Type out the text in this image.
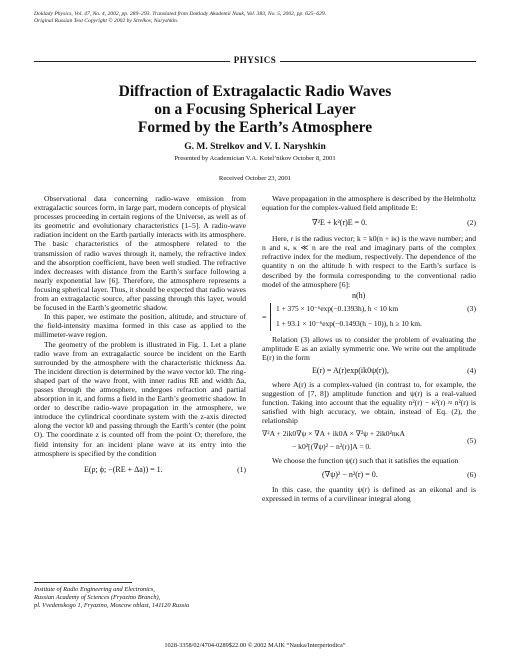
Doklady Physics, Vol. 47, No. 4, 2002, pp. 289–293. Translated from Doklady Akademii Nauk, Vol. 383, No. 5, 2002, pp. 625–629.
Original Russian Text Copyright © 2002 by Strelkov, Naryshkin.
PHYSICS
Diffraction of Extragalactic Radio Waves
on a Focusing Spherical Layer
Formed by the Earth’s Atmosphere
G. M. Strelkov and V. I. Naryshkin
Presented by Academician V.A. Kotel’nikov October 8, 2001
Received October 23, 2001

Observational data concerning radio-wave emission from extragalactic sources form, in large part, modern concepts of physical processes proceeding in certain regions of the Universe, as well as of its geometric and evolutionary characteristics [1–5]. A radio-wave radiation incident on the Earth partially interacts with its atmosphere. The basic characteristics of the atmosphere related to the transmission of radio waves through it, namely, the refractive index and the absorption coefficient, have been well studied. The refractive index decreases with distance from the Earth’s surface following a nearly exponential law [6]. Therefore, the atmosphere represents a focusing spherical layer. Thus, it should be expected that radio waves from an extragalactic source, after passing through this layer, would be focused in the Earth’s geometric shadow.

In this paper, we estimate the position, altitude, and structure of the field-intensity maxima formed in this case as applied to the millimeter-wave region.

The geometry of the problem is illustrated in Fig. 1. Let a plane radio wave from an extragalactic source be incident on the Earth surrounded by the atmosphere with the characteristic thickness Δa. The incident direction is determined by the wave vector k0. The ring-shaped part of the wave front, with inner radius RE and width Δa, passes through the atmosphere, undergoes refraction and partial absorption in it, and forms a field in the Earth’s geometric shadow. In order to describe radio-wave propagation in the atmosphere, we introduce the cylindrical coordinate system with the z-axis directed along the vector k0 and passing through the Earth’s center (the point O). The coordinate z is counted off from the point O; therefore, the field intensity for an incident plane wave at its entry into the atmosphere is specified by the condition

E(ρ; ϕ; −(RE + Δa)) = 1.	(1)

Wave propagation in the atmosphere is described by the Helmholtz equation for the complex-valued field amplitude E:

∇²E + k²(r)E = 0.	(2)

Here, r is the radius vector; k = k0(n + iκ) is the wave number; and n and κ, κ ≪ n are the real and imaginary parts of the complex refractive index for the medium, respectively. The dependence of the quantity n on the altitude h with respect to the Earth’s surface is described by the formula corresponding to the conventional radio model of the atmosphere [6]:

n(h)
=
1 + 375 × 10⁻⁶exp(−0.1393h), h < 10 km
1 + 93.1 × 10⁻⁶exp(−0.1493(h − 10)), h ≥ 10 km.
(3)

Relation (3) allows us to consider the problem of evaluating the amplitude E as an axially symmetric one. We write out the amplitude E(r) in the form

E(r) = A(r)exp(ik0ψ(r)),	(4)

where A(r) is a complex-valued (in contrast to, for example, the suggestion of [7, 8]) amplitude function and ψ(r) is a real-valued function. Taking into account that the equality n²(r) − κ²(r) ≈ n²(r) is satisfied with high accuracy, we obtain, instead of Eq. (2), the relationship

∇²A + 2ik0∇ψ × ∇A + ik0A × ∇²ψ + 2ik0²nκA
− k0²[(∇ψ)² − n²(r)]A = 0.
(5)

We choose the function ψ(r) such that it satisfies the equation

(∇ψ)² − n²(r) = 0.	(6)

In this case, the quantity ψ(r) is defined as an eikonal and is expressed in terms of a curvilinear integral along

Institute of Radio Engineering and Electronics,
Russian Academy of Sciences (Fryazino Branch),
pl. Vvedenskogo 1, Fryazino, Moscow oblast, 141120 Russia
1028-3358/02/4704-0289$22.00 © 2002 MAIK “Nauka/Interperiodica”
